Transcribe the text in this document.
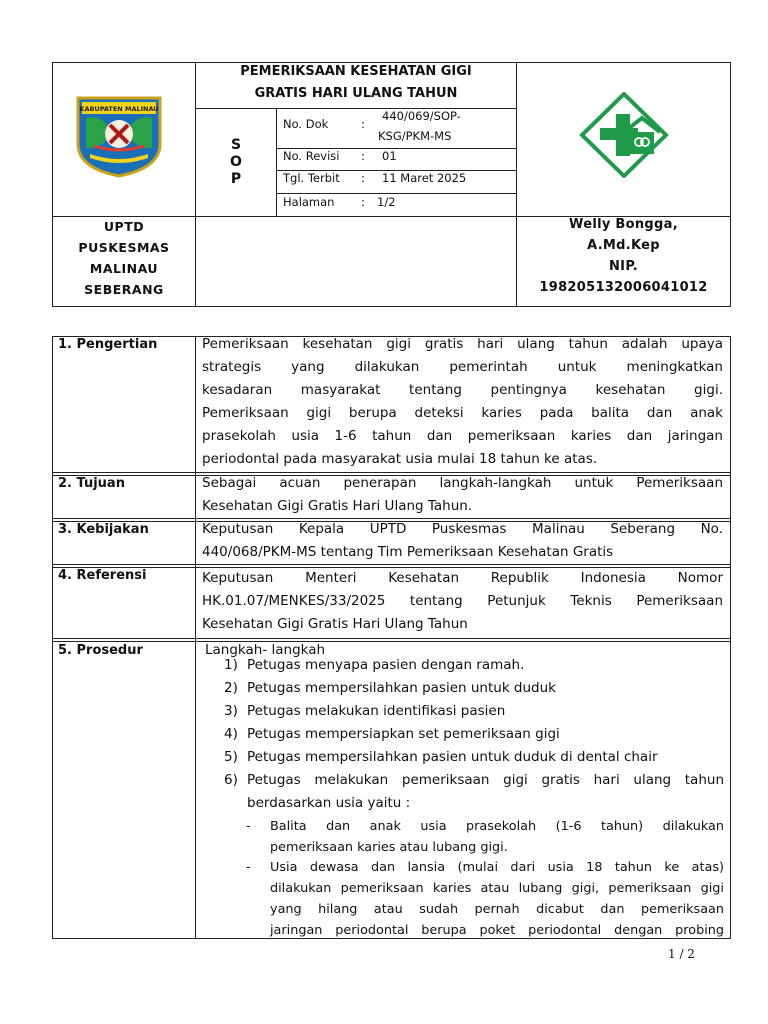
KABUPATEN MALINAU
PEMERIKSAAN KESEHATAN GIGI
GRATIS HARI ULANG TAHUN
S
O
P
No. Dok	:
440/069/SOP-
KSG/PKM-MS
No. Revisi : 01
Tgl. Terbit : 11 Maret 2025
Halaman : 1/2
UPTD
PUSKESMAS
MALINAU
SEBERANG
Welly Bongga,
A.Md.Kep
NIP.
198205132006041012
1. Pengertian	Pemeriksaan kesehatan gigi gratis hari ulang tahun adalah upaya
strategis yang dilakukan pemerintah untuk meningkatkan
kesadaran masyarakat tentang pentingnya kesehatan gigi.
Pemeriksaan gigi berupa deteksi karies pada balita dan anak
prasekolah usia 1-6 tahun dan pemeriksaan karies dan jaringan
periodontal pada masyarakat usia mulai 18 tahun ke atas.
2. Tujuan	Sebagai acuan penerapan langkah-langkah untuk Pemeriksaan
Kesehatan Gigi Gratis Hari Ulang Tahun.
3. Kebijakan	Keputusan Kepala UPTD Puskesmas Malinau Seberang No.
440/068/PKM-MS tentang Tim Pemeriksaan Kesehatan Gratis
4. Referensi	Keputusan Menteri Kesehatan Republik Indonesia Nomor
HK.01.07/MENKES/33/2025 tentang Petunjuk Teknis Pemeriksaan
Kesehatan Gigi Gratis Hari Ulang Tahun
5. Prosedur	Langkah- langkah
1) Petugas menyapa pasien dengan ramah.
2) Petugas mempersilahkan pasien untuk duduk
3) Petugas melakukan identifikasi pasien
4) Petugas mempersiapkan set pemeriksaan gigi
5) Petugas mempersilahkan pasien untuk duduk di dental chair
6) Petugas melakukan pemeriksaan gigi gratis hari ulang tahun
berdasarkan usia yaitu :
-	Balita dan anak usia prasekolah (1-6 tahun) dilakukan
pemeriksaan karies atau lubang gigi.
-	Usia dewasa dan lansia (mulai dari usia 18 tahun ke atas)
dilakukan pemeriksaan karies atau lubang gigi, pemeriksaan gigi
yang hilang atau sudah pernah dicabut dan pemeriksaan
jaringan periodontal berupa poket periodontal dengan probing
1 / 2
